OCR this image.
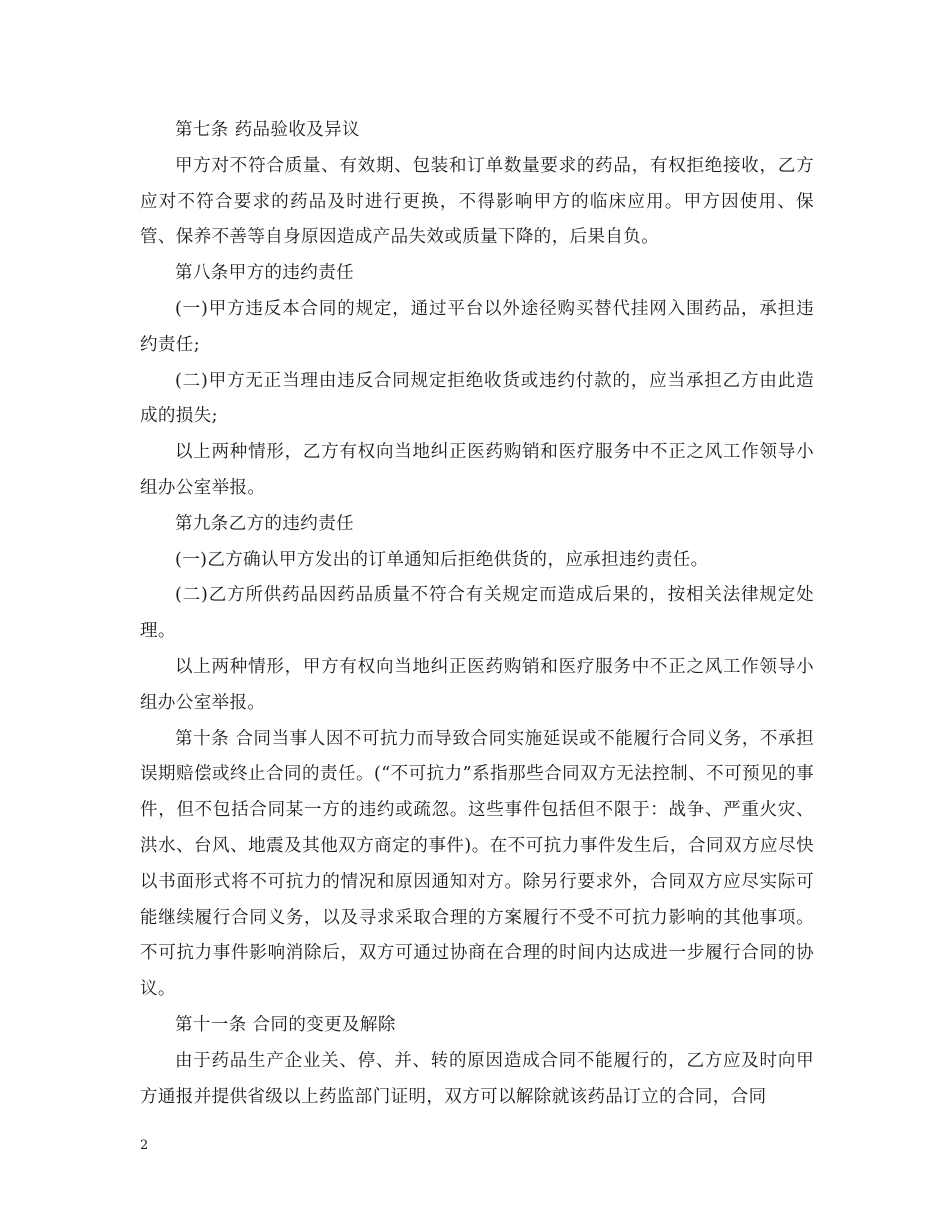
第七条 药品验收及异议

甲方对不符合质量、有效期、包装和订单数量要求的药品，有权拒绝接收，乙方应对不符合要求的药品及时进行更换，不得影响甲方的临床应用。甲方因使用、保管、保养不善等自身原因造成产品失效或质量下降的，后果自负。

第八条甲方的违约责任

(一)甲方违反本合同的规定，通过平台以外途径购买替代挂网入围药品，承担违约责任;

(二)甲方无正当理由违反合同规定拒绝收货或违约付款的，应当承担乙方由此造成的损失;

以上两种情形，乙方有权向当地纠正医药购销和医疗服务中不正之风工作领导小组办公室举报。

第九条乙方的违约责任

(一)乙方确认甲方发出的订单通知后拒绝供货的，应承担违约责任。

(二)乙方所供药品因药品质量不符合有关规定而造成后果的，按相关法律规定处理。

以上两种情形，甲方有权向当地纠正医药购销和医疗服务中不正之风工作领导小组办公室举报。

第十条 合同当事人因不可抗力而导致合同实施延误或不能履行合同义务，不承担误期赔偿或终止合同的责任。(“不可抗力”系指那些合同双方无法控制、不可预见的事件，但不包括合同某一方的违约或疏忽。这些事件包括但不限于：战争、严重火灾、洪水、台风、地震及其他双方商定的事件)。在不可抗力事件发生后，合同双方应尽快以书面形式将不可抗力的情况和原因通知对方。除另行要求外，合同双方应尽实际可能继续履行合同义务，以及寻求采取合理的方案履行不受不可抗力影响的其他事项。不可抗力事件影响消除后，双方可通过协商在合理的时间内达成进一步履行合同的协议。

第十一条 合同的变更及解除

由于药品生产企业关、停、并、转的原因造成合同不能履行的，乙方应及时向甲方通报并提供省级以上药监部门证明，双方可以解除就该药品订立的合同，合同

2
